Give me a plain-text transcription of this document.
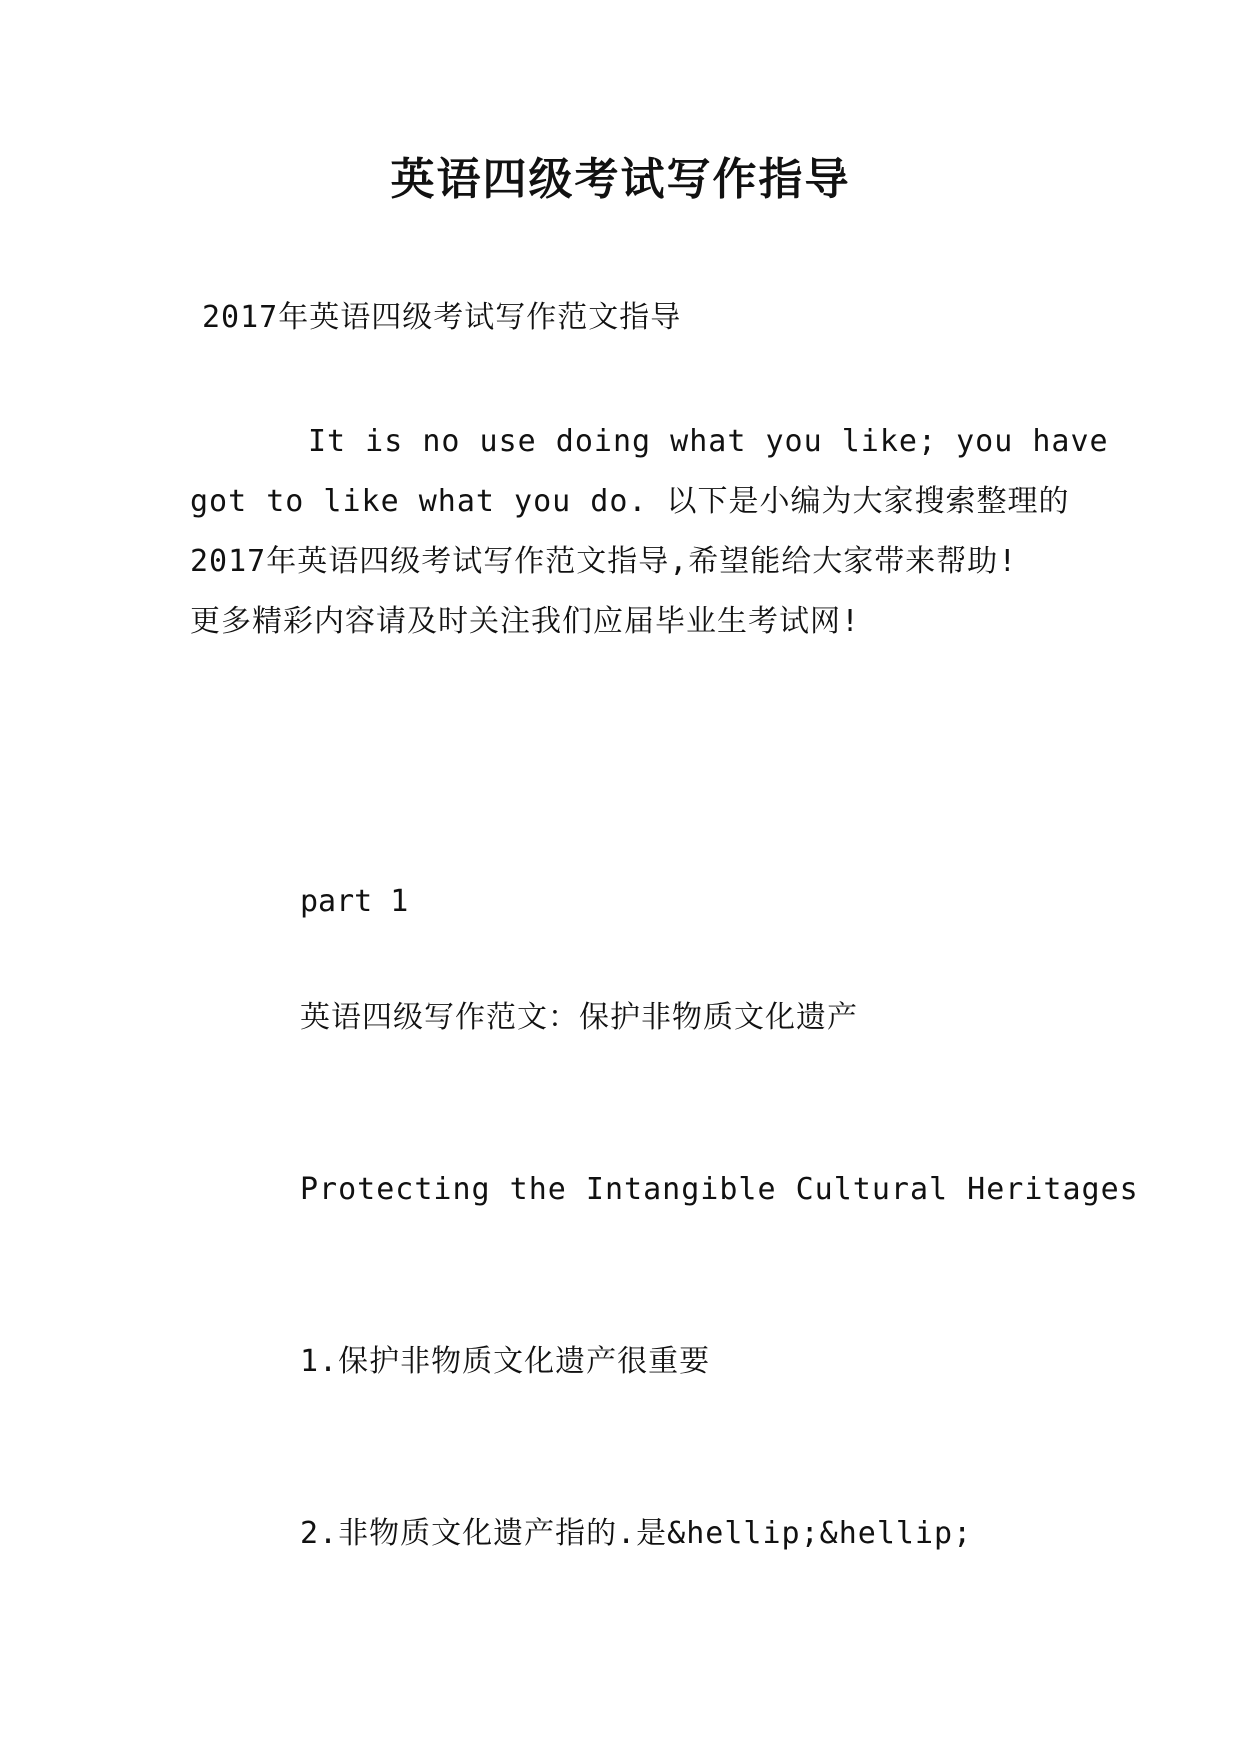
英语四级考试写作指导

2017年英语四级考试写作范文指导

It is no use doing what you like; you have
got to like what you do. 以下是小编为大家搜索整理的
2017年英语四级考试写作范文指导,希望能给大家带来帮助!
更多精彩内容请及时关注我们应届毕业生考试网!

part 1

英语四级写作范文：保护非物质文化遗产

Protecting the Intangible Cultural Heritages

1.保护非物质文化遗产很重要

2.非物质文化遗产指的.是&hellip;&hellip;
